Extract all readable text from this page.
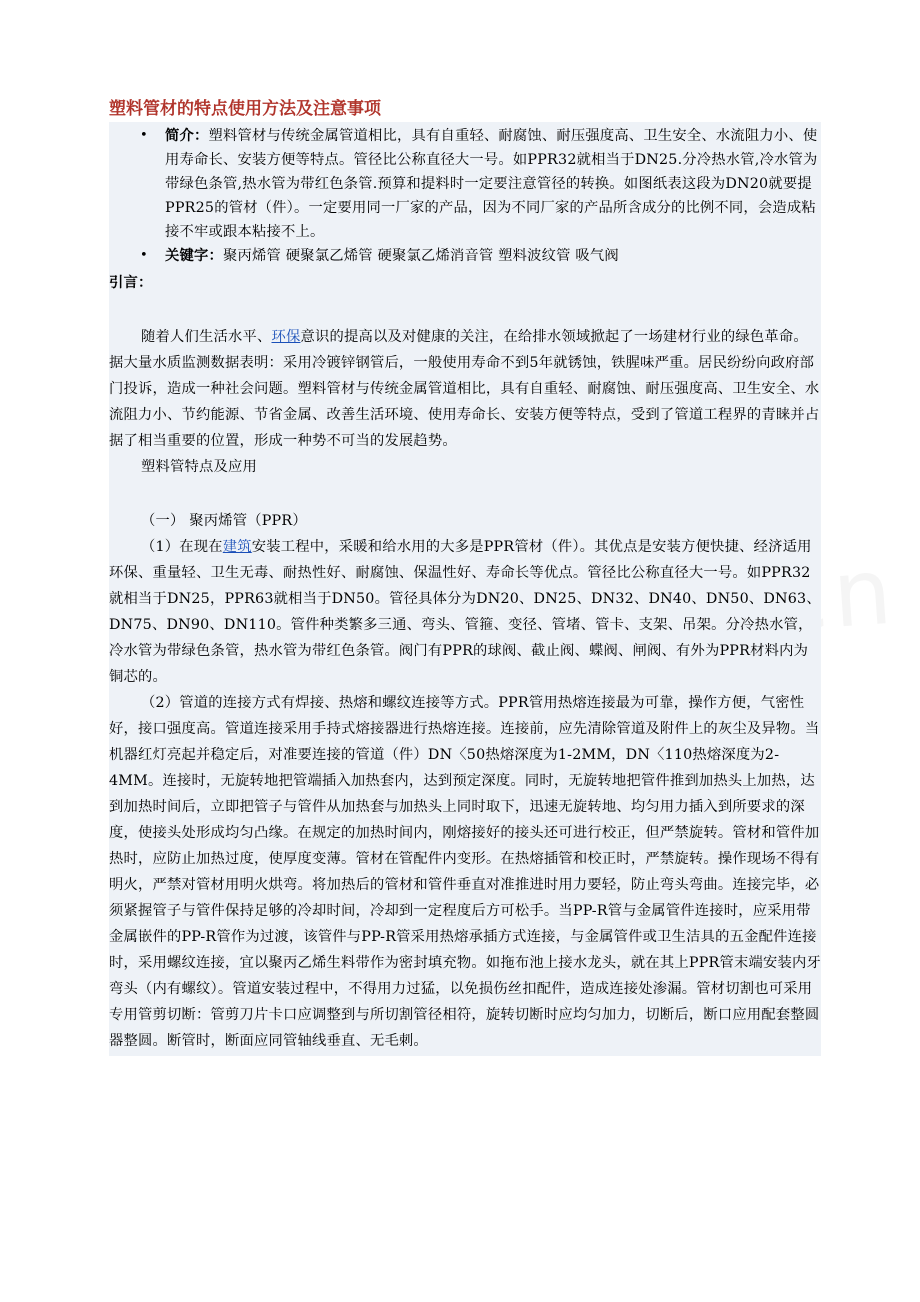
塑料管材的特点使用方法及注意事项
• 简介：塑料管材与传统金属管道相比，具有自重轻、耐腐蚀、耐压强度高、卫生安全、水流阻力小、使用寿命长、安装方便等特点。管径比公称直径大一号。如PPR32就相当于DN25.分冷热水管,冷水管为带绿色条管,热水管为带红色条管.预算和提料时一定要注意管径的转换。如图纸表这段为DN20就要提 PPR25的管材（件）。一定要用同一厂家的产品，因为不同厂家的产品所含成分的比例不同，会造成粘接不牢或跟本粘接不上。
• 关键字：聚丙烯管 硬聚氯乙烯管 硬聚氯乙烯消音管 塑料波纹管 吸气阀

引言：

随着人们生活水平、环保意识的提高以及对健康的关注，在给排水领域掀起了一场建材行业的绿色革命。据大量水质监测数据表明：采用冷镀锌钢管后，一般使用寿命不到5年就锈蚀，铁腥味严重。居民纷纷向政府部门投诉，造成一种社会问题。塑料管材与传统金属管道相比，具有自重轻、耐腐蚀、耐压强度高、卫生安全、水流阻力小、节约能源、节省金属、改善生活环境、使用寿命长、安装方便等特点，受到了管道工程界的青睐并占据了相当重要的位置，形成一种势不可当的发展趋势。

塑料管特点及应用

（一） 聚丙烯管（PPR）

（1）在现在建筑安装工程中，采暖和给水用的大多是PPR管材（件）。其优点是安装方便快捷、经济适用环保、重量轻、卫生无毒、耐热性好、耐腐蚀、保温性好、寿命长等优点。管径比公称直径大一号。如PPR32 就相当于DN25，PPR63就相当于DN50。管径具体分为DN20、DN25、DN32、DN40、DN50、DN63、DN75、DN90、DN110。管件种类繁多三通、弯头、管箍、变径、管堵、管卡、支架、吊架。分冷热水管，冷水管为带绿色条管，热水管为带红色条管。阀门有PPR的球阀、截止阀、蝶阀、闸阀、有外为PPR材料内为铜芯的。

（2）管道的连接方式有焊接、热熔和螺纹连接等方式。PPR管用热熔连接最为可靠，操作方便，气密性好，接口强度高。管道连接采用手持式熔接器进行热熔连接。连接前，应先清除管道及附件上的灰尘及异物。当机器红灯亮起并稳定后，对准要连接的管道（件）DN〈50热熔深度为1-2MM，DN〈110热熔深度为2-4MM。连接时，无旋转地把管端插入加热套内，达到预定深度。同时，无旋转地把管件推到加热头上加热，达到加热时间后，立即把管子与管件从加热套与加热头上同时取下，迅速无旋转地、均匀用力插入到所要求的深度，使接头处形成均匀凸缘。在规定的加热时间内，刚熔接好的接头还可进行校正，但严禁旋转。管材和管件加热时，应防止加热过度，使厚度变薄。管材在管配件内变形。在热熔插管和校正时，严禁旋转。操作现场不得有明火，严禁对管材用明火烘弯。将加热后的管材和管件垂直对准推进时用力要轻，防止弯头弯曲。连接完毕，必须紧握管子与管件保持足够的冷却时间，冷却到一定程度后方可松手。当PP-R管与金属管件连接时，应采用带金属嵌件的PP-R管作为过渡，该管件与PP-R管采用热熔承插方式连接，与金属管件或卫生洁具的五金配件连接时，采用螺纹连接，宜以聚丙乙烯生料带作为密封填充物。如拖布池上接水龙头，就在其上PPR管末端安装内牙弯头（内有螺纹）。管道安装过程中，不得用力过猛，以免损伤丝扣配件，造成连接处渗漏。管材切割也可采用专用管剪切断：管剪刀片卡口应调整到与所切割管径相符，旋转切断时应均匀加力，切断后，断口应用配套整圆器整圆。断管时，断面应同管轴线垂直、无毛刺。
